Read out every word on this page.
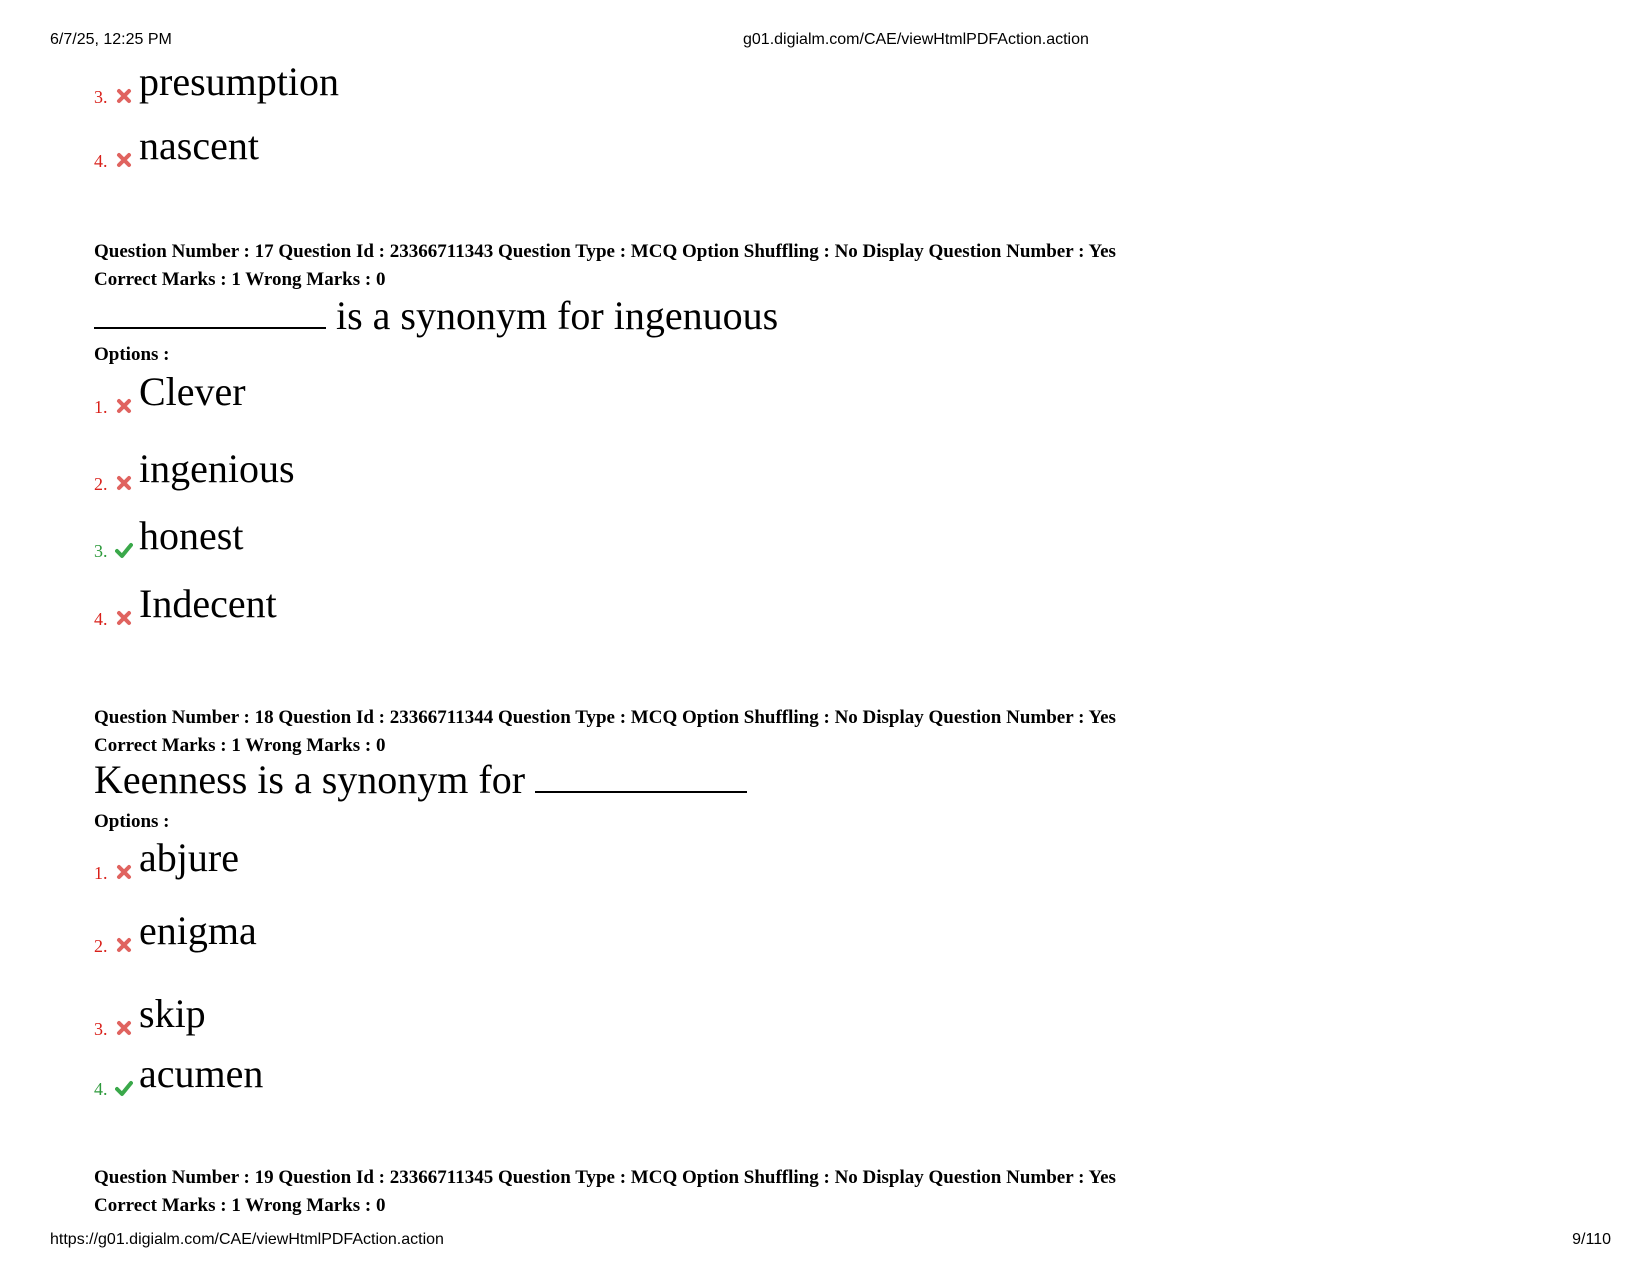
6/7/25, 12:25 PM	g01.digialm.com/CAE/viewHtmlPDFAction.action
3. presumption
4. nascent
Question Number : 17 Question Id : 23366711343 Question Type : MCQ Option Shuffling : No Display Question Number : Yes
Correct Marks : 1 Wrong Marks : 0
is a synonym for ingenuous
Options :
1. Clever
2. ingenious
3. honest
4. Indecent
Question Number : 18 Question Id : 23366711344 Question Type : MCQ Option Shuffling : No Display Question Number : Yes
Correct Marks : 1 Wrong Marks : 0
Keenness is a synonym for
Options :
1. abjure
2. enigma
3. skip
4. acumen
Question Number : 19 Question Id : 23366711345 Question Type : MCQ Option Shuffling : No Display Question Number : Yes
Correct Marks : 1 Wrong Marks : 0
https://g01.digialm.com/CAE/viewHtmlPDFAction.action	9/110
